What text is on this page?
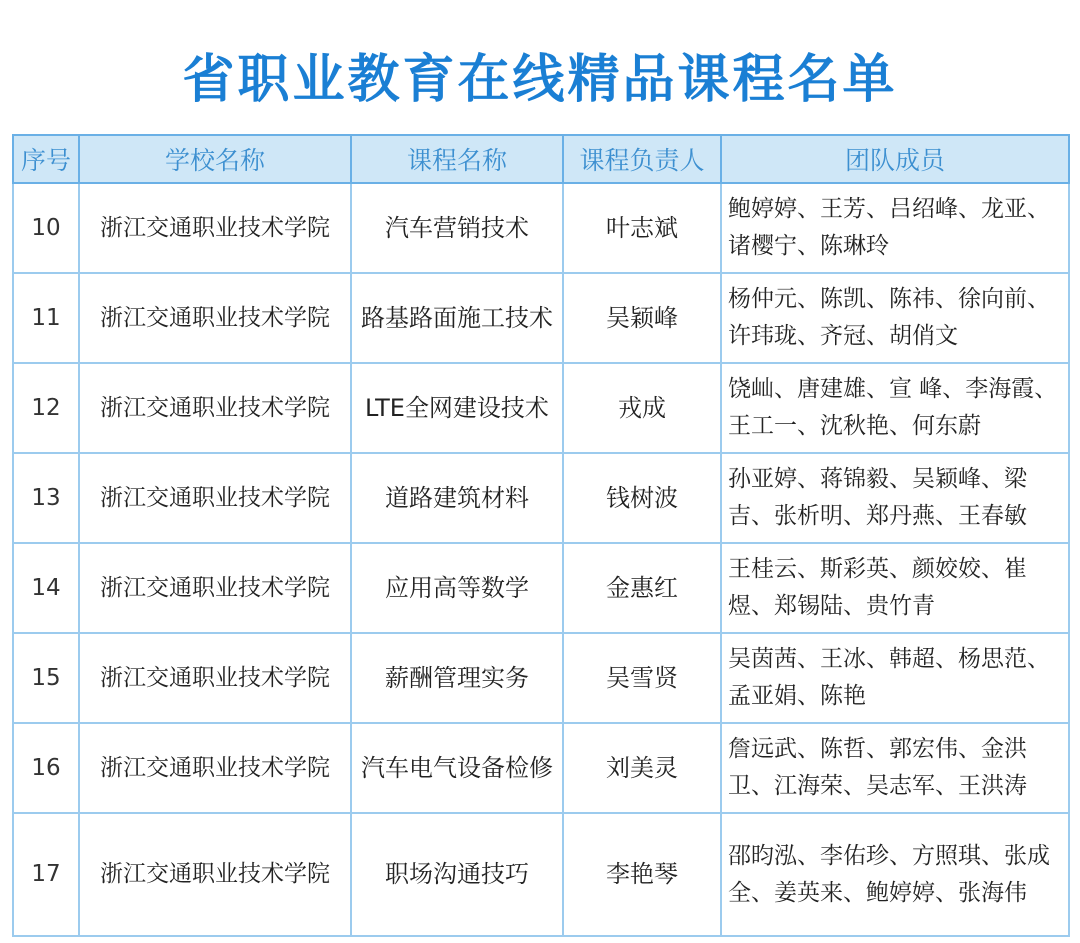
省职业教育在线精品课程名单
序号	学校名称	课程名称	课程负责人	团队成员
10	浙江交通职业技术学院	汽车营销技术	叶志斌	鲍婷婷、王芳、吕绍峰、龙亚、诸樱宁、陈琳玲
11	浙江交通职业技术学院	路基路面施工技术	吴颖峰	杨仲元、陈凯、陈祎、徐向前、许玮珑、齐冠、胡俏文
12	浙江交通职业技术学院	LTE全网建设技术	戎成	饶屾、唐建雄、宣 峰、李海霞、王工一、沈秋艳、何东蔚
13	浙江交通职业技术学院	道路建筑材料	钱树波	孙亚婷、蒋锦毅、吴颖峰、梁吉、张析明、郑丹燕、王春敏
14	浙江交通职业技术学院	应用高等数学	金惠红	王桂云、斯彩英、颜姣姣、崔煜、郑锡陆、贵竹青
15	浙江交通职业技术学院	薪酬管理实务	吴雪贤	吴茵茜、王冰、韩超、杨思范、孟亚娟、陈艳
16	浙江交通职业技术学院	汽车电气设备检修	刘美灵	詹远武、陈哲、郭宏伟、金洪卫、江海荣、吴志军、王洪涛
17	浙江交通职业技术学院	职场沟通技巧	李艳琴	邵昀泓、李佑珍、方照琪、张成全、姜英来、鲍婷婷、张海伟
